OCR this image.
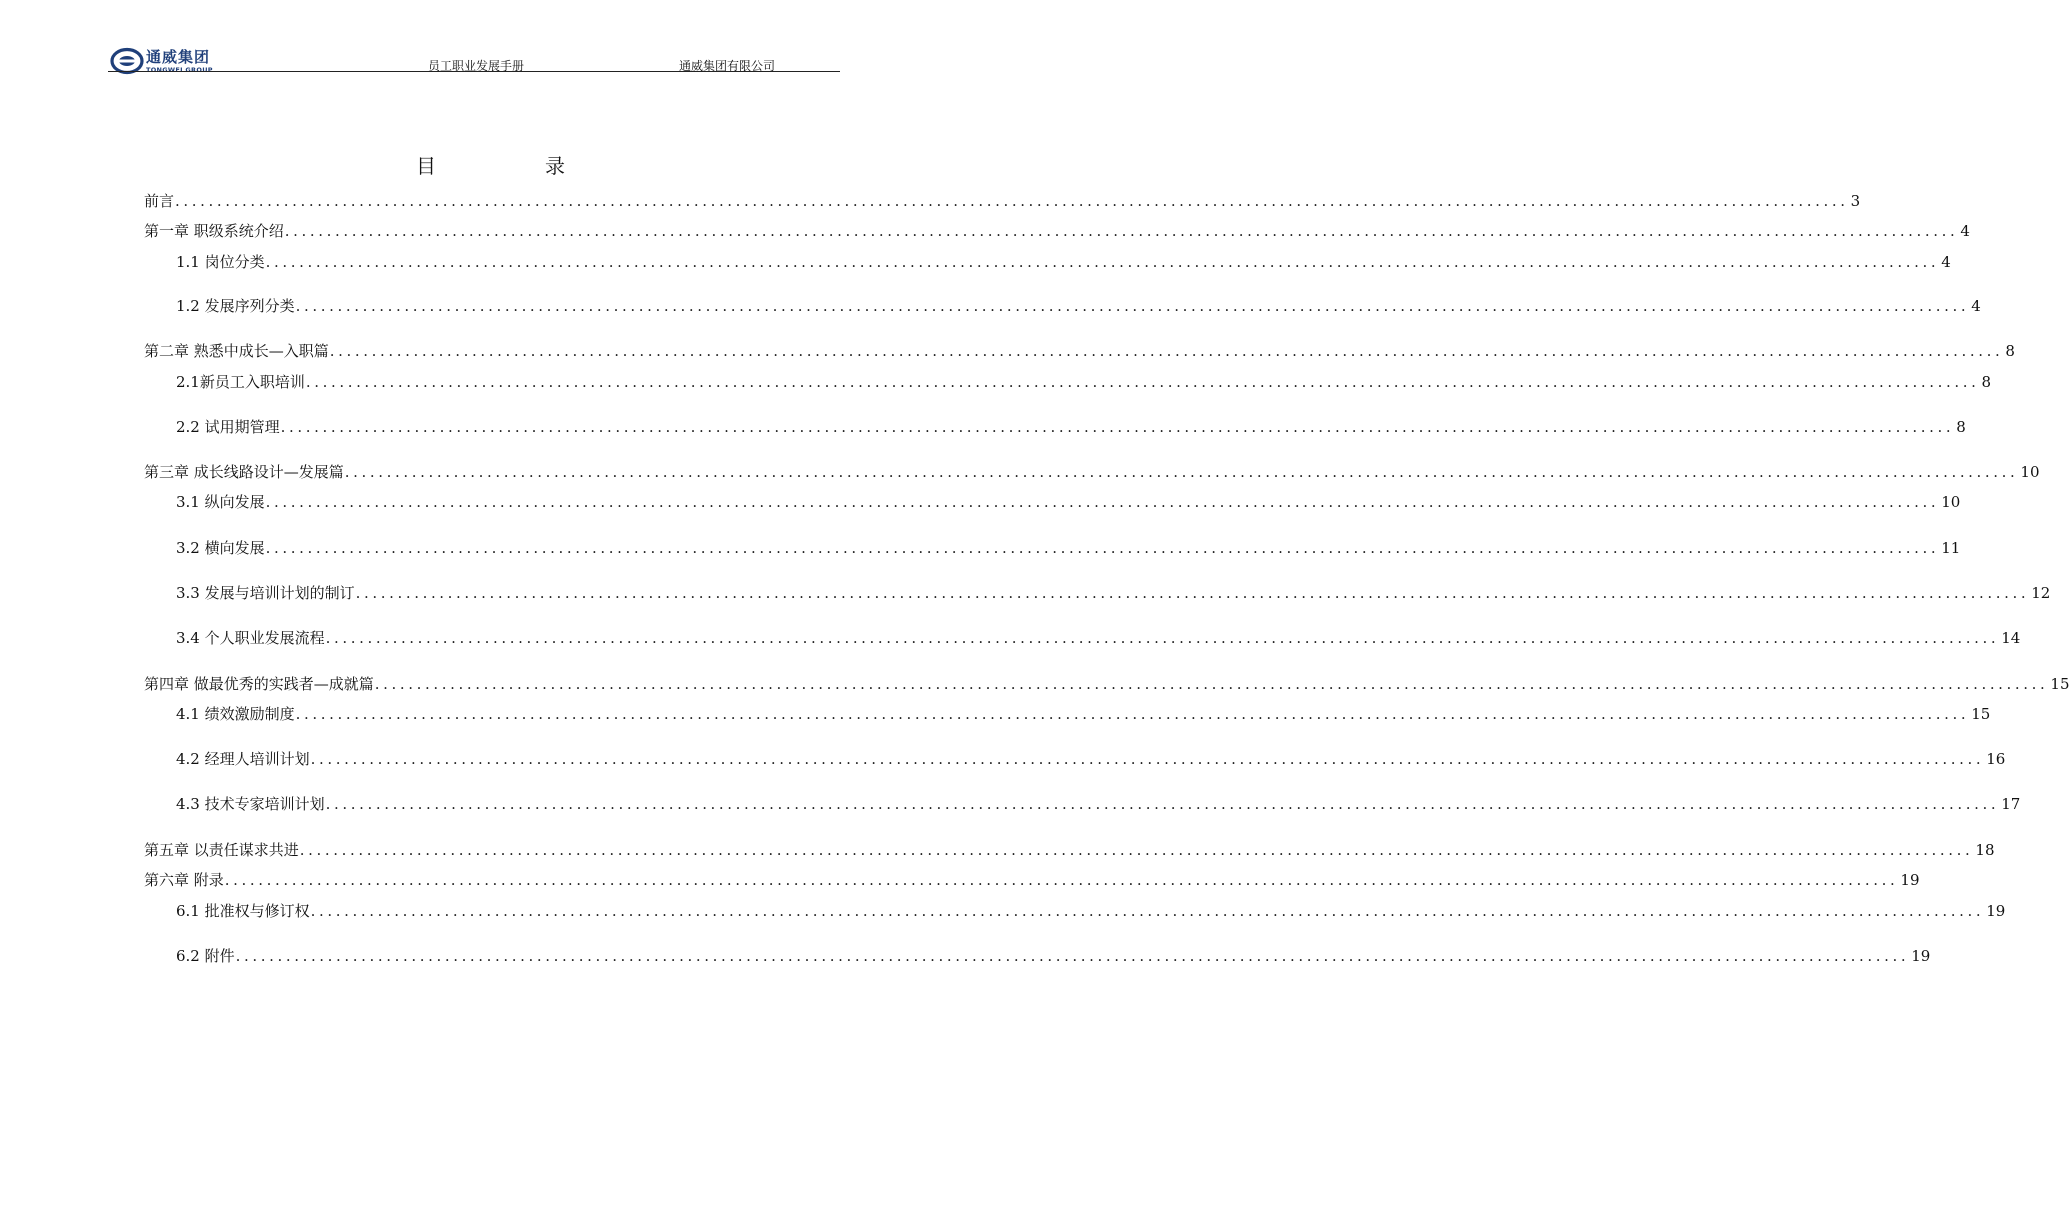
通威集团
TONGWEI GROUP	员工职业发展手册	通威集团有限公司
目	录
前言 ........................................................................................................................................................................................................ 3
第一章 职级系统介绍 ........................................................................................................................................................................................................ 4
1.1 岗位分类 ........................................................................................................................................................................................................ 4
1.2 发展序列分类 ........................................................................................................................................................................................................ 4
第二章 熟悉中成长—入职篇 ........................................................................................................................................................................................................ 8
2.1新员工入职培训 ........................................................................................................................................................................................................ 8
2.2 试用期管理 ........................................................................................................................................................................................................ 8
第三章 成长线路设计—发展篇 ........................................................................................................................................................................................................ 10
3.1 纵向发展 ........................................................................................................................................................................................................ 10
3.2 横向发展 ........................................................................................................................................................................................................ 11
3.3 发展与培训计划的制订 ........................................................................................................................................................................................................ 12
3.4 个人职业发展流程 ........................................................................................................................................................................................................ 14
第四章 做最优秀的实践者—成就篇 ........................................................................................................................................................................................................ 15
4.1 绩效激励制度 ........................................................................................................................................................................................................ 15
4.2 经理人培训计划 ........................................................................................................................................................................................................ 16
4.3 技术专家培训计划 ........................................................................................................................................................................................................ 17
第五章 以责任谋求共进 ........................................................................................................................................................................................................ 18
第六章 附录 ........................................................................................................................................................................................................ 19
6.1 批准权与修订权 ........................................................................................................................................................................................................ 19
6.2 附件 ........................................................................................................................................................................................................ 19
